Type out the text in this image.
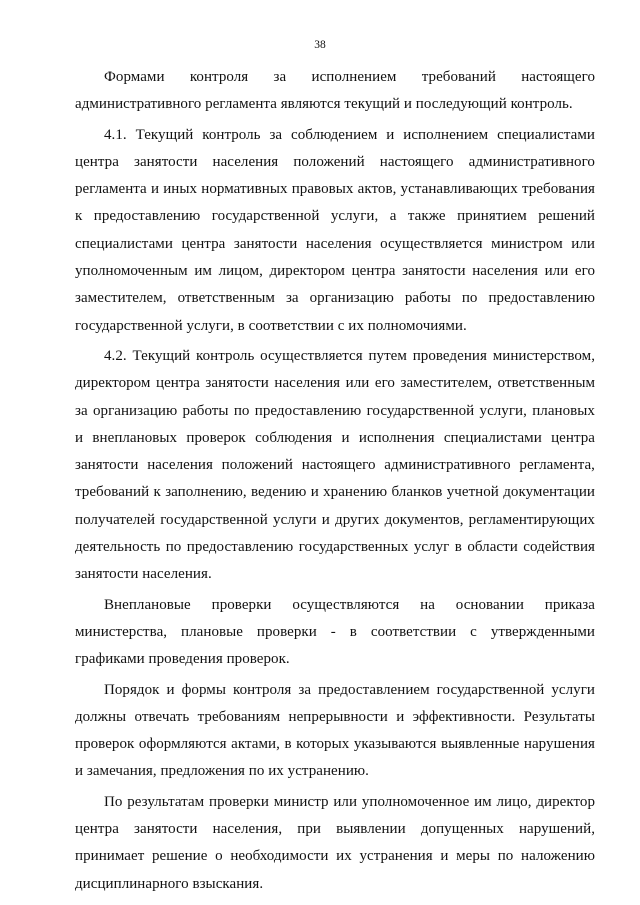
38

Формами контроля за исполнением требований настоящего административного регламента являются текущий и последующий контроль.

4.1. Текущий контроль за соблюдением и исполнением специалистами центра занятости населения положений настоящего административного регламента и иных нормативных правовых актов, устанавливающих требования к предоставлению государственной услуги, а также принятием решений специалистами центра занятости населения осуществляется министром или уполномоченным им лицом, директором центра занятости населения или его заместителем, ответственным за организацию работы по предоставлению государственной услуги, в соответствии с их полномочиями.

4.2. Текущий контроль осуществляется путем проведения министерством, директором центра занятости населения или его заместителем, ответственным за организацию работы по предоставлению государственной услуги, плановых и внеплановых проверок соблюдения и исполнения специалистами центра занятости населения положений настоящего административного регламента, требований к заполнению, ведению и хранению бланков учетной документации получателей государственной услуги и других документов, регламентирующих деятельность по предоставлению государственных услуг в области содействия занятости населения.

Внеплановые проверки осуществляются на основании приказа министерства, плановые проверки - в соответствии с утвержденными графиками проведения проверок.

Порядок и формы контроля за предоставлением государственной услуги должны отвечать требованиям непрерывности и эффективности. Результаты проверок оформляются актами, в которых указываются выявленные нарушения и замечания, предложения по их устранению.

По результатам проверки министр или уполномоченное им лицо, директор центра занятости населения, при выявлении допущенных нарушений, принимает решение о необходимости их устранения и меры по наложению дисциплинарного взыскания.
